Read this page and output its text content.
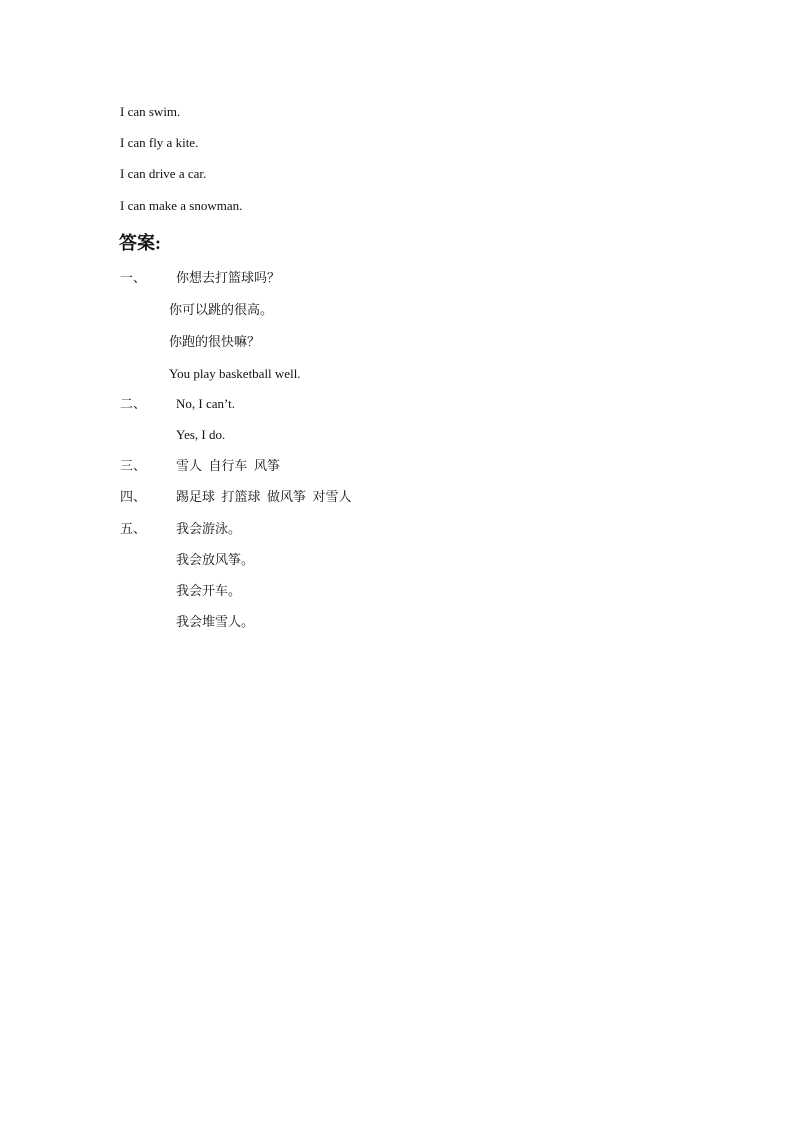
I can swim.
I can fly a kite.
I can drive a car.
I can make a snowman.
答案:
一、 你想去打篮球吗？
你可以跳的很高。
你跑的很快嘛？
You play basketball well.
二、 No, I can’t.
Yes, I do.
三、 雪人  自行车  风筝
四、 踢足球  打篮球  做风筝  对雪人
五、 我会游泳。
我会放风筝。
我会开车。
我会堆雪人。
